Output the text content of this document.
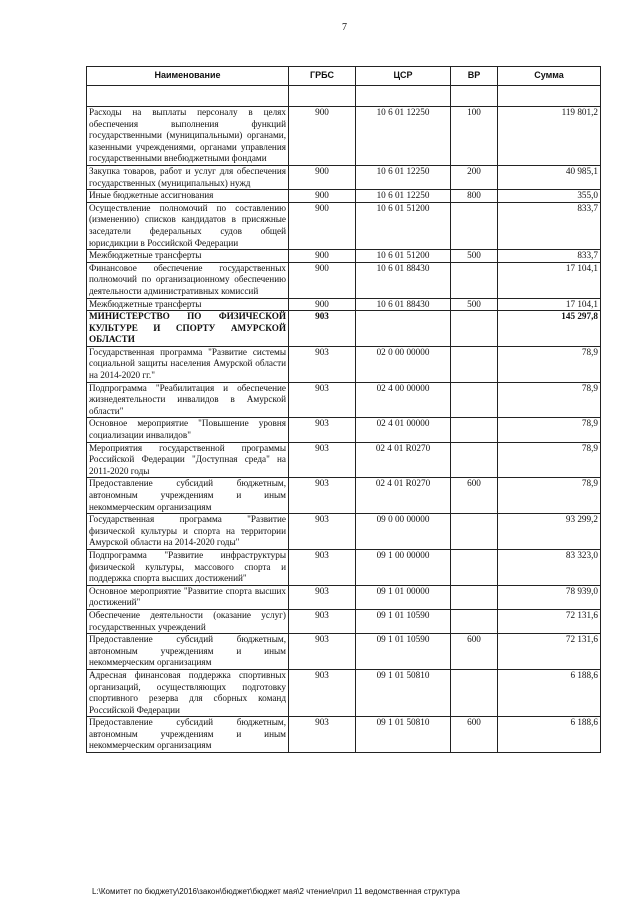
7
Наименование	ГРБС	ЦСР	ВР	Сумма

Расходы на выплаты персоналу в целях обеспечения выполнения функций государственными (муниципальными) органами, казенными учреждениями, органами управления государственными внебюджетными фондами	900	10 6 01 12250	100	119 801,2
Закупка товаров, работ и услуг для обеспечения государственных (муниципальных) нужд	900	10 6 01 12250	200	40 985,1
Иные бюджетные ассигнования	900	10 6 01 12250	800	355,0
Осуществление полномочий по составлению (изменению) списков кандидатов в присяжные заседатели федеральных судов общей юрисдикции в Российской Федерации	900	10 6 01 51200		833,7
Межбюджетные трансферты	900	10 6 01 51200	500	833,7
Финансовое обеспечение государственных полномочий по организационному обеспечению деятельности административных комиссий	900	10 6 01 88430		17 104,1
Межбюджетные трансферты	900	10 6 01 88430	500	17 104,1
МИНИСТЕРСТВО ПО ФИЗИЧЕСКОЙ КУЛЬТУРЕ И СПОРТУ АМУРСКОЙ ОБЛАСТИ	903			145 297,8
Государственная программа "Развитие системы социальной защиты населения Амурской области на 2014-2020 гг."	903	02 0 00 00000		78,9
Подпрограмма "Реабилитация и обеспечение жизнедеятельности инвалидов в Амурской области"	903	02 4 00 00000		78,9
Основное мероприятие "Повышение уровня социализации инвалидов"	903	02 4 01 00000		78,9
Мероприятия государственной программы Российской Федерации "Доступная среда" на 2011-2020 годы	903	02 4 01 R0270		78,9
Предоставление субсидий бюджетным, автономным учреждениям и иным некоммерческим организациям	903	02 4 01 R0270	600	78,9
Государственная программа "Развитие физической культуры и спорта на территории Амурской области на 2014-2020 годы"	903	09 0 00 00000		93 299,2
Подпрограмма "Развитие инфраструктуры физической культуры, массового спорта и поддержка спорта высших достижений"	903	09 1 00 00000		83 323,0
Основное мероприятие "Развитие спорта высших достижений"	903	09 1 01 00000		78 939,0
Обеспечение деятельности (оказание услуг) государственных учреждений	903	09 1 01 10590		72 131,6
Предоставление субсидий бюджетным, автономным учреждениям и иным некоммерческим организациям	903	09 1 01 10590	600	72 131,6
Адресная финансовая поддержка спортивных организаций, осуществляющих подготовку спортивного резерва для сборных команд Российской Федерации	903	09 1 01 50810		6 188,6
Предоставление субсидий бюджетным, автономным учреждениям и иным некоммерческим организациям	903	09 1 01 50810	600	6 188,6
L:\Комитет по бюджету\2016\закон\бюджет\бюджет мая\2 чтение\прил 11 ведомственная структура
